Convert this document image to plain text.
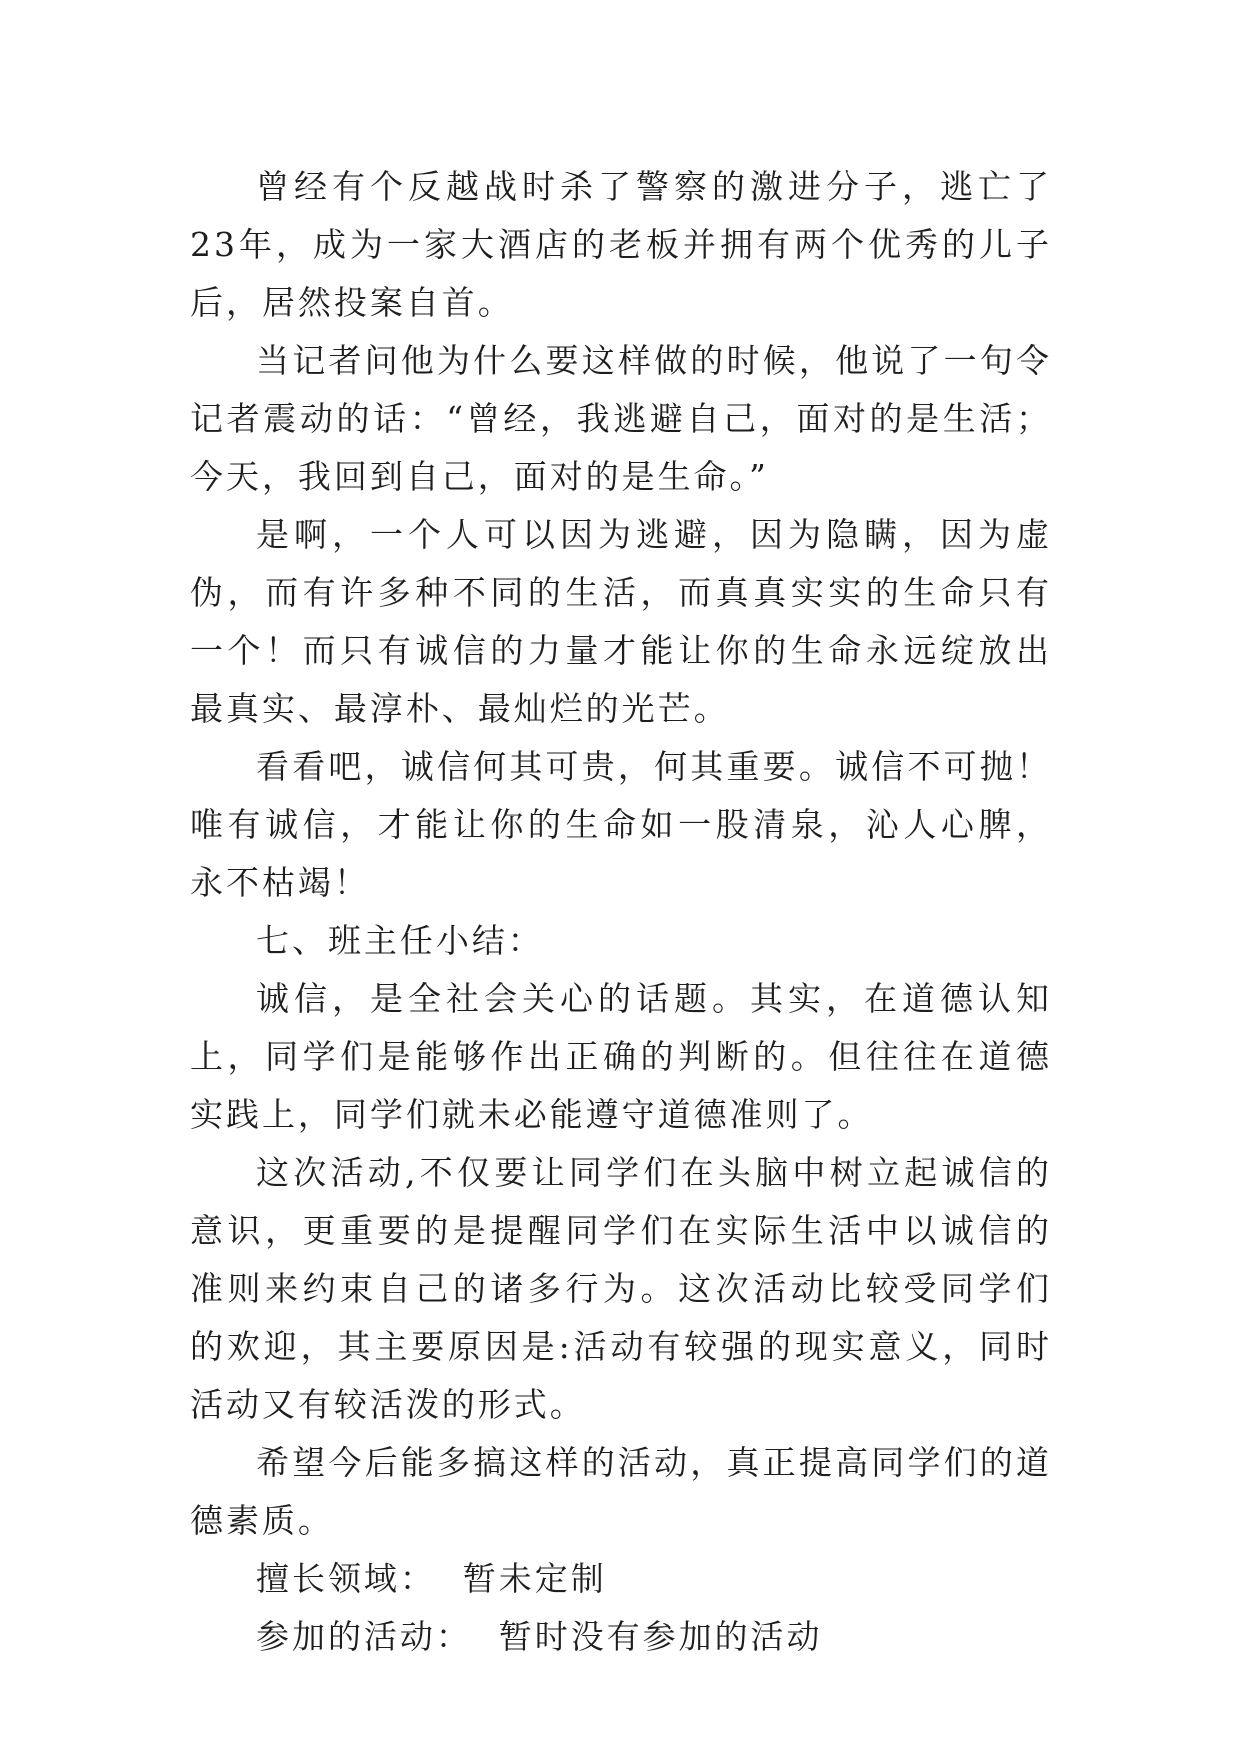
曾经有个反越战时杀了警察的激进分子，逃亡了23年，成为一家大酒店的老板并拥有两个优秀的儿子后，居然投案自首。

当记者问他为什么要这样做的时候，他说了一句令记者震动的话：“曾经，我逃避自己，面对的是生活；今天，我回到自己，面对的是生命。”

是啊，一个人可以因为逃避，因为隐瞒，因为虚伪，而有许多种不同的生活，而真真实实的生命只有一个！而只有诚信的力量才能让你的生命永远绽放出最真实、最淳朴、最灿烂的光芒。

看看吧，诚信何其可贵，何其重要。诚信不可抛！唯有诚信，才能让你的生命如一股清泉，沁人心脾，永不枯竭！

七、班主任小结：

诚信，是全社会关心的话题。其实，在道德认知上，同学们是能够作出正确的判断的。但往往在道德实践上，同学们就未必能遵守道德准则了。

这次活动,不仅要让同学们在头脑中树立起诚信的意识，更重要的是提醒同学们在实际生活中以诚信的准则来约束自己的诸多行为。这次活动比较受同学们的欢迎，其主要原因是:活动有较强的现实意义，同时活动又有较活泼的形式。

希望今后能多搞这样的活动，真正提高同学们的道德素质。

擅长领域： 暂未定制

参加的活动： 暂时没有参加的活动
